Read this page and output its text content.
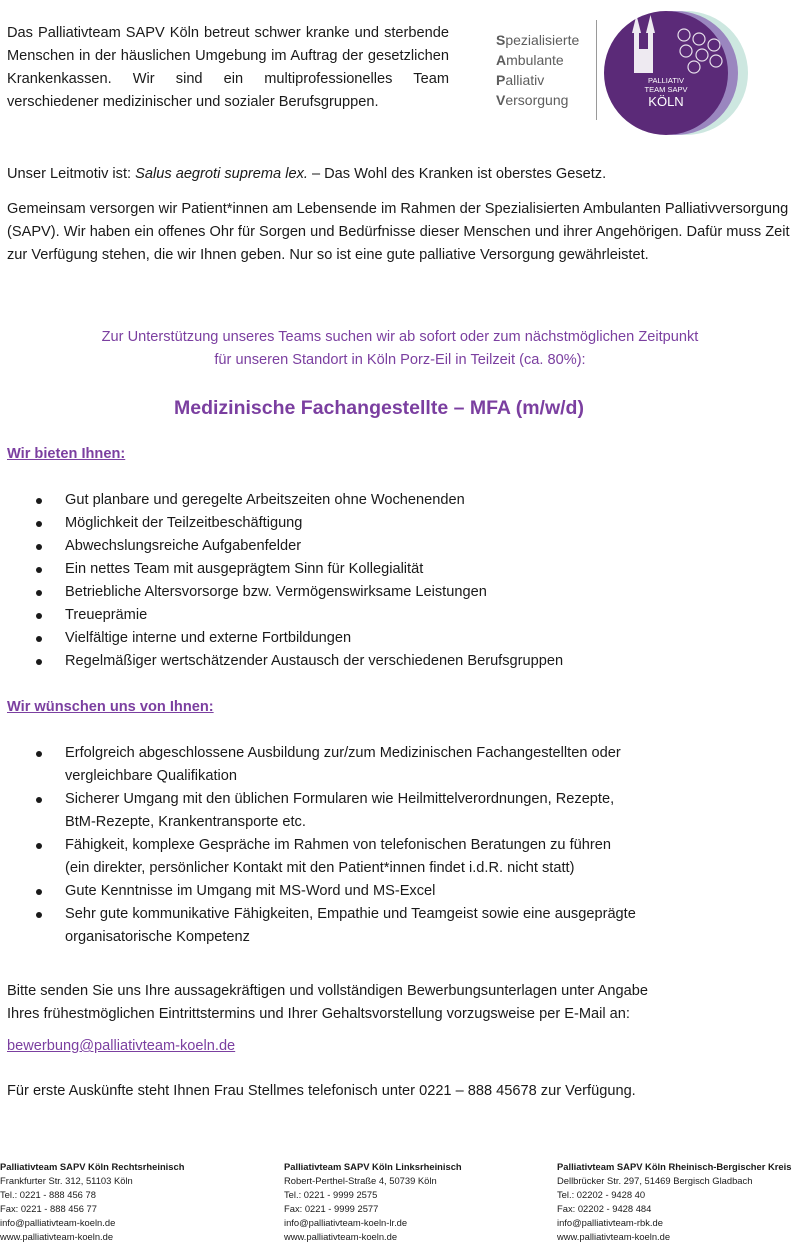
Das Palliativteam SAPV Köln betreut schwer kranke und sterbende Menschen in der häuslichen Umgebung im Auftrag der gesetzlichen Krankenkassen. Wir sind ein multiprofessionelles Team verschiedener medizinischer und sozialer Berufsgruppen.
Spezialisierte
Ambulante
Palliativ
Versorgung
PALLIATIV
TEAM SAPV
KÖLN
Unser Leitmotiv ist: Salus aegroti suprema lex. – Das Wohl des Kranken ist oberstes Gesetz.
Gemeinsam versorgen wir Patient*innen am Lebensende im Rahmen der Spezialisierten Ambulanten Palliativversorgung (SAPV). Wir haben ein offenes Ohr für Sorgen und Bedürfnisse dieser Menschen und ihrer Angehörigen. Dafür muss Zeit zur Verfügung stehen, die wir Ihnen geben. Nur so ist eine gute palliative Versorgung gewährleistet.
Zur Unterstützung unseres Teams suchen wir ab sofort oder zum nächstmöglichen Zeitpunkt
für unseren Standort in Köln Porz-Eil in Teilzeit (ca. 80%):
Medizinische Fachangestellte – MFA (m/w/d)
Wir bieten Ihnen:
Gut planbare und geregelte Arbeitszeiten ohne Wochenenden
Möglichkeit der Teilzeitbeschäftigung
Abwechslungsreiche Aufgabenfelder
Ein nettes Team mit ausgeprägtem Sinn für Kollegialität
Betriebliche Altersvorsorge bzw. Vermögenswirksame Leistungen
Treueprämie
Vielfältige interne und externe Fortbildungen
Regelmäßiger wertschätzender Austausch der verschiedenen Berufsgruppen
Wir wünschen uns von Ihnen:
Erfolgreich abgeschlossene Ausbildung zur/zum Medizinischen Fachangestellten oder
vergleichbare Qualifikation
Sicherer Umgang mit den üblichen Formularen wie Heilmittelverordnungen, Rezepte,
BtM-Rezepte, Krankentransporte etc.
Fähigkeit, komplexe Gespräche im Rahmen von telefonischen Beratungen zu führen
(ein direkter, persönlicher Kontakt mit den Patient*innen findet i.d.R. nicht statt)
Gute Kenntnisse im Umgang mit MS-Word und MS-Excel
Sehr gute kommunikative Fähigkeiten, Empathie und Teamgeist sowie eine ausgeprägte
organisatorische Kompetenz
Bitte senden Sie uns Ihre aussagekräftigen und vollständigen Bewerbungsunterlagen unter Angabe
Ihres frühestmöglichen Eintrittstermins und Ihrer Gehaltsvorstellung vorzugsweise per E-Mail an:
bewerbung@palliativteam-koeln.de
Für erste Auskünfte steht Ihnen Frau Stellmes telefonisch unter 0221 – 888 45678 zur Verfügung.
Palliativteam SAPV Köln Rechtsrheinisch
Frankfurter Str. 312, 51103 Köln
Tel.: 0221 - 888 456 78
Fax: 0221 - 888 456 77
info@palliativteam-koeln.de
www.palliativteam-koeln.de
Palliativteam SAPV Köln Linksrheinisch
Robert-Perthel-Straße 4, 50739 Köln
Tel.: 0221 - 9999 2575
Fax: 0221 - 9999 2577
info@palliativteam-koeln-lr.de
www.palliativteam-koeln.de
Palliativteam SAPV Köln Rheinisch-Bergischer Kreis
Dellbrücker Str. 297, 51469 Bergisch Gladbach
Tel.: 02202 - 9428 40
Fax: 02202 - 9428 484
info@palliativteam-rbk.de
www.palliativteam-koeln.de
